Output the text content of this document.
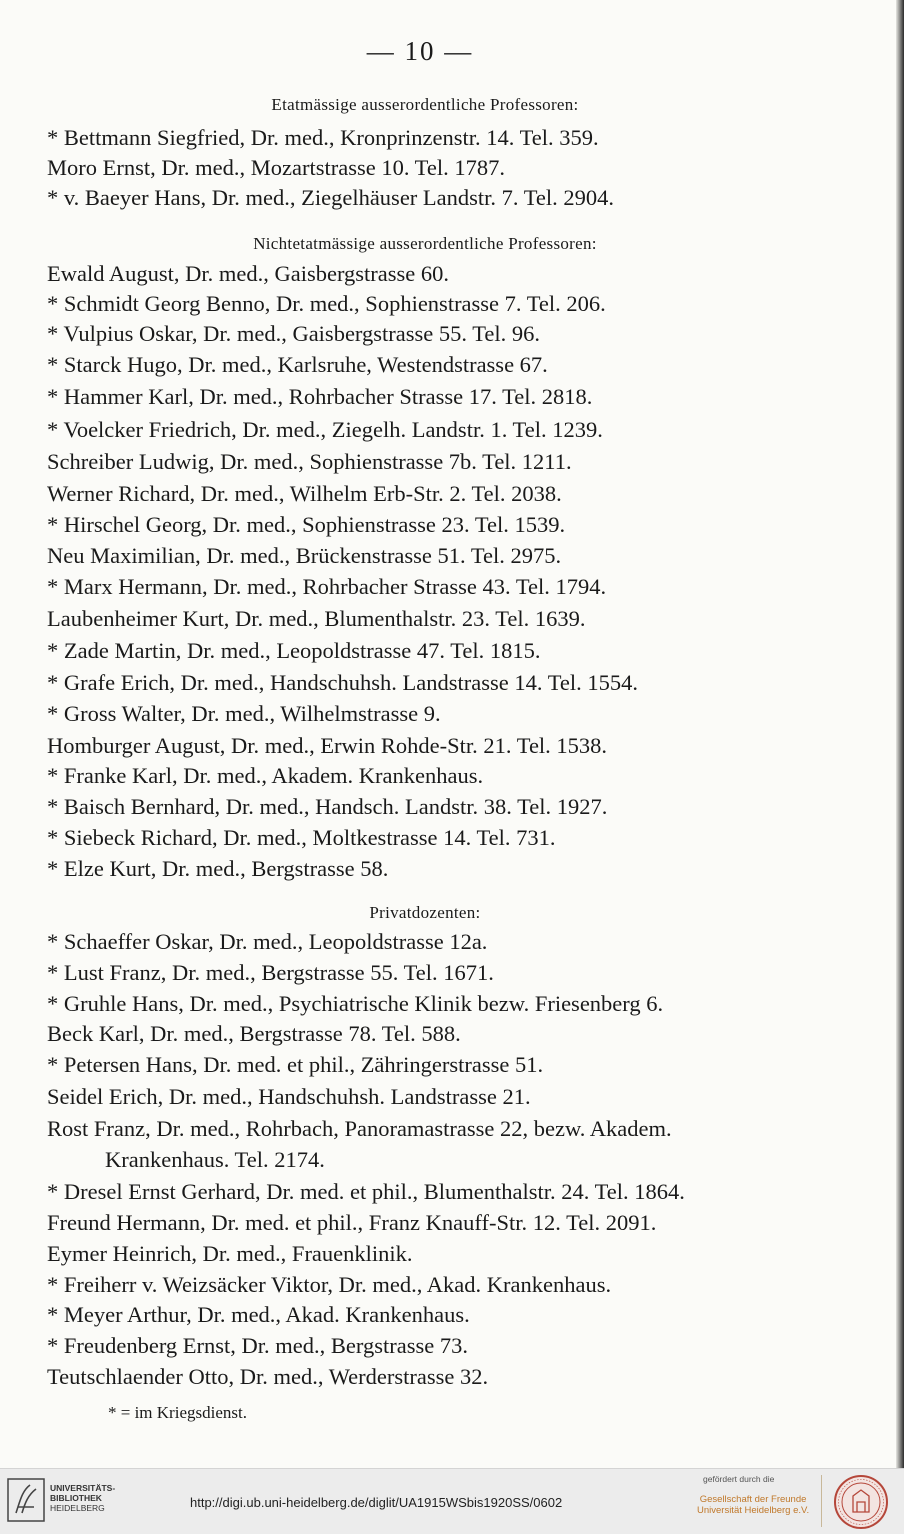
— 10 —
Etatmässige ausserordentliche Professoren:
* Bettmann Siegfried, Dr. med., Kronprinzenstr. 14. Tel. 359.
Moro Ernst, Dr. med., Mozartstrasse 10. Tel. 1787.
* v. Baeyer Hans, Dr. med., Ziegelhäuser Landstr. 7. Tel. 2904.
Nichtetatmässige ausserordentliche Professoren:
Ewald August, Dr. med., Gaisbergstrasse 60.
* Schmidt Georg Benno, Dr. med., Sophienstrasse 7. Tel. 206.
* Vulpius Oskar, Dr. med., Gaisbergstrasse 55. Tel. 96.
* Starck Hugo, Dr. med., Karlsruhe, Westendstrasse 67.
* Hammer Karl, Dr. med., Rohrbacher Strasse 17. Tel. 2818.
* Voelcker Friedrich, Dr. med., Ziegelh. Landstr. 1. Tel. 1239.
Schreiber Ludwig, Dr. med., Sophienstrasse 7b. Tel. 1211.
Werner Richard, Dr. med., Wilhelm Erb-Str. 2. Tel. 2038.
* Hirschel Georg, Dr. med., Sophienstrasse 23. Tel. 1539.
Neu Maximilian, Dr. med., Brückenstrasse 51. Tel. 2975.
* Marx Hermann, Dr. med., Rohrbacher Strasse 43. Tel. 1794.
Laubenheimer Kurt, Dr. med., Blumenthalstr. 23. Tel. 1639.
* Zade Martin, Dr. med., Leopoldstrasse 47. Tel. 1815.
* Grafe Erich, Dr. med., Handschuhsh. Landstrasse 14. Tel. 1554.
* Gross Walter, Dr. med., Wilhelmstrasse 9.
Homburger August, Dr. med., Erwin Rohde-Str. 21. Tel. 1538.
* Franke Karl, Dr. med., Akadem. Krankenhaus.
* Baisch Bernhard, Dr. med., Handsch. Landstr. 38. Tel. 1927.
* Siebeck Richard, Dr. med., Moltkestrasse 14. Tel. 731.
* Elze Kurt, Dr. med., Bergstrasse 58.
Privatdozenten:
* Schaeffer Oskar, Dr. med., Leopoldstrasse 12a.
* Lust Franz, Dr. med., Bergstrasse 55. Tel. 1671.
* Gruhle Hans, Dr. med., Psychiatrische Klinik bezw. Friesenberg 6.
Beck Karl, Dr. med., Bergstrasse 78. Tel. 588.
* Petersen Hans, Dr. med. et phil., Zähringerstrasse 51.
Seidel Erich, Dr. med., Handschuhsh. Landstrasse 21.
Rost Franz, Dr. med., Rohrbach, Panoramastrasse 22, bezw. Akadem.
Krankenhaus. Tel. 2174.
* Dresel Ernst Gerhard, Dr. med. et phil., Blumenthalstr. 24. Tel. 1864.
Freund Hermann, Dr. med. et phil., Franz Knauff-Str. 12. Tel. 2091.
Eymer Heinrich, Dr. med., Frauenklinik.
* Freiherr v. Weizsäcker Viktor, Dr. med., Akad. Krankenhaus.
* Meyer Arthur, Dr. med., Akad. Krankenhaus.
* Freudenberg Ernst, Dr. med., Bergstrasse 73.
Teutschlaender Otto, Dr. med., Werderstrasse 32.
* = im Kriegsdienst.
UNIVERSITÄTS-
BIBLIOTHEK
HEIDELBERG	http://digi.ub.uni-heidelberg.de/diglit/UA1915WSbis1920SS/0602
gefördert durch die
Gesellschaft der Freunde
Universität Heidelberg e.V.
